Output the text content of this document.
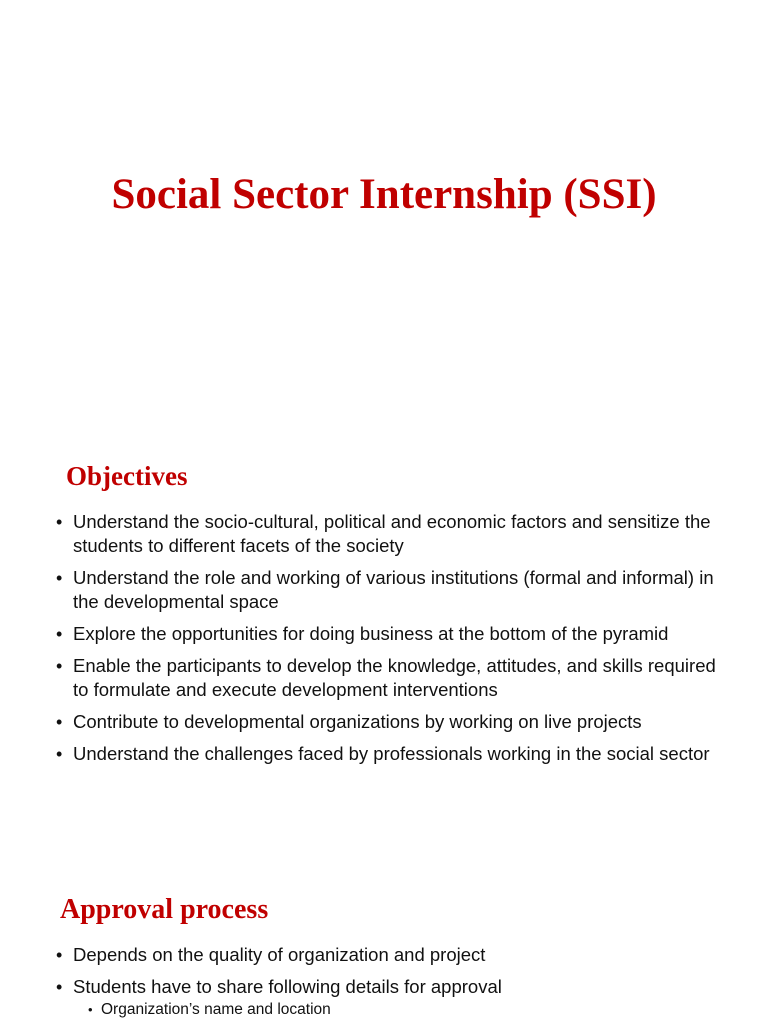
Social Sector Internship (SSI)
Objectives
• Understand the socio-cultural, political and economic factors and sensitize the students to different facets of the society
• Understand the role and working of various institutions (formal and informal) in the developmental space
• Explore the opportunities for doing business at the bottom of the pyramid
• Enable the participants to develop the knowledge, attitudes, and skills required to formulate and execute development interventions
• Contribute to developmental organizations by working on live projects
• Understand the challenges faced by professionals working in the social sector
Approval process
• Depends on the quality of organization and project
• Students have to share following details for approval
• Organization’s name and location
